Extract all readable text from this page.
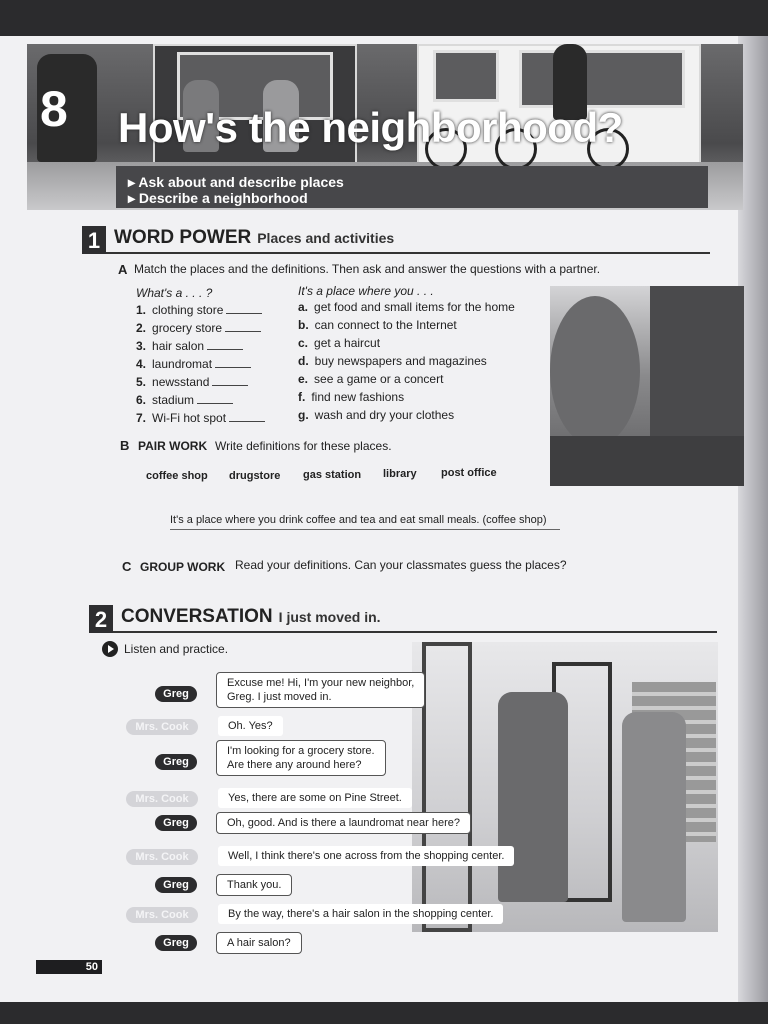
8 How's the neighborhood?
▸ Ask about and describe places
▸ Describe a neighborhood
1 WORD POWER Places and activities
A Match the places and the definitions. Then ask and answer the questions with a partner.
What's a . . . ?	It's a place where you . . .
1. clothing store
2. grocery store
3. hair salon
4. laundromat
5. newsstand
6. stadium
7. Wi-Fi hot spot
a. get food and small items for the home
b. can connect to the Internet
c. get a haircut
d. buy newspapers and magazines
e. see a game or a concert
f. find new fashions
g. wash and dry your clothes
B PAIR WORK Write definitions for these places.
coffee shop drugstore gas station library post office
It's a place where you drink coffee and tea and eat small meals. (coffee shop)
C GROUP WORK Read your definitions. Can your classmates guess the places?
2 CONVERSATION I just moved in.
Listen and practice.
Greg
Excuse me! Hi, I'm your new neighbor,
Greg. I just moved in.
Mrs. Cook	Oh. Yes?
Greg
I'm looking for a grocery store.
Are there any around here?
Mrs. Cook	Yes, there are some on Pine Street.
Greg	Oh, good. And is there a laundromat near here?
Mrs. Cook	Well, I think there's one across from the shopping center.
Greg	Thank you.
Mrs. Cook	By the way, there's a hair salon in the shopping center.
Greg	A hair salon?
50
